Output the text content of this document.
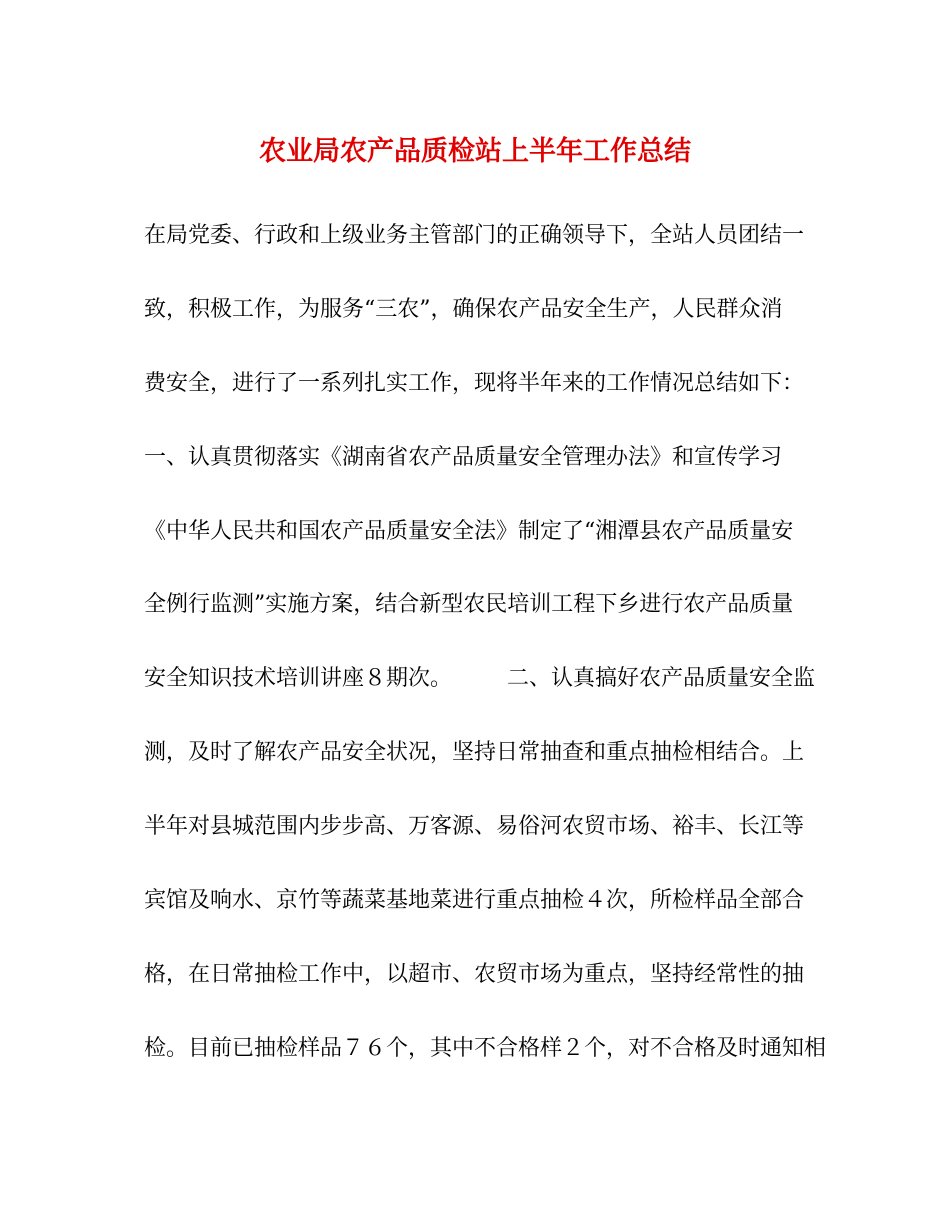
农业局农产品质检站上半年工作总结
在局党委、行政和上级业务主管部门的正确领导下，全站人员团结一
致，积极工作，为服务“三农”，确保农产品安全生产，人民群众消
费安全，进行了一系列扎实工作，现将半年来的工作情况总结如下：
一、认真贯彻落实《湖南省农产品质量安全管理办法》和宣传学习
《中华人民共和国农产品质量安全法》制定了“湘潭县农产品质量安
全例行监测”实施方案，结合新型农民培训工程下乡进行农产品质量
安全知识技术培训讲座８期次。　　　二、认真搞好农产品质量安全监
测，及时了解农产品安全状况，坚持日常抽查和重点抽检相结合。上
半年对县城范围内步步高、万客源、易俗河农贸市场、裕丰、长江等
宾馆及响水、京竹等蔬菜基地菜进行重点抽检４次，所检样品全部合
格，在日常抽检工作中，以超市、农贸市场为重点，坚持经常性的抽
检。目前已抽检样品７６个，其中不合格样２个，对不合格及时通知相
